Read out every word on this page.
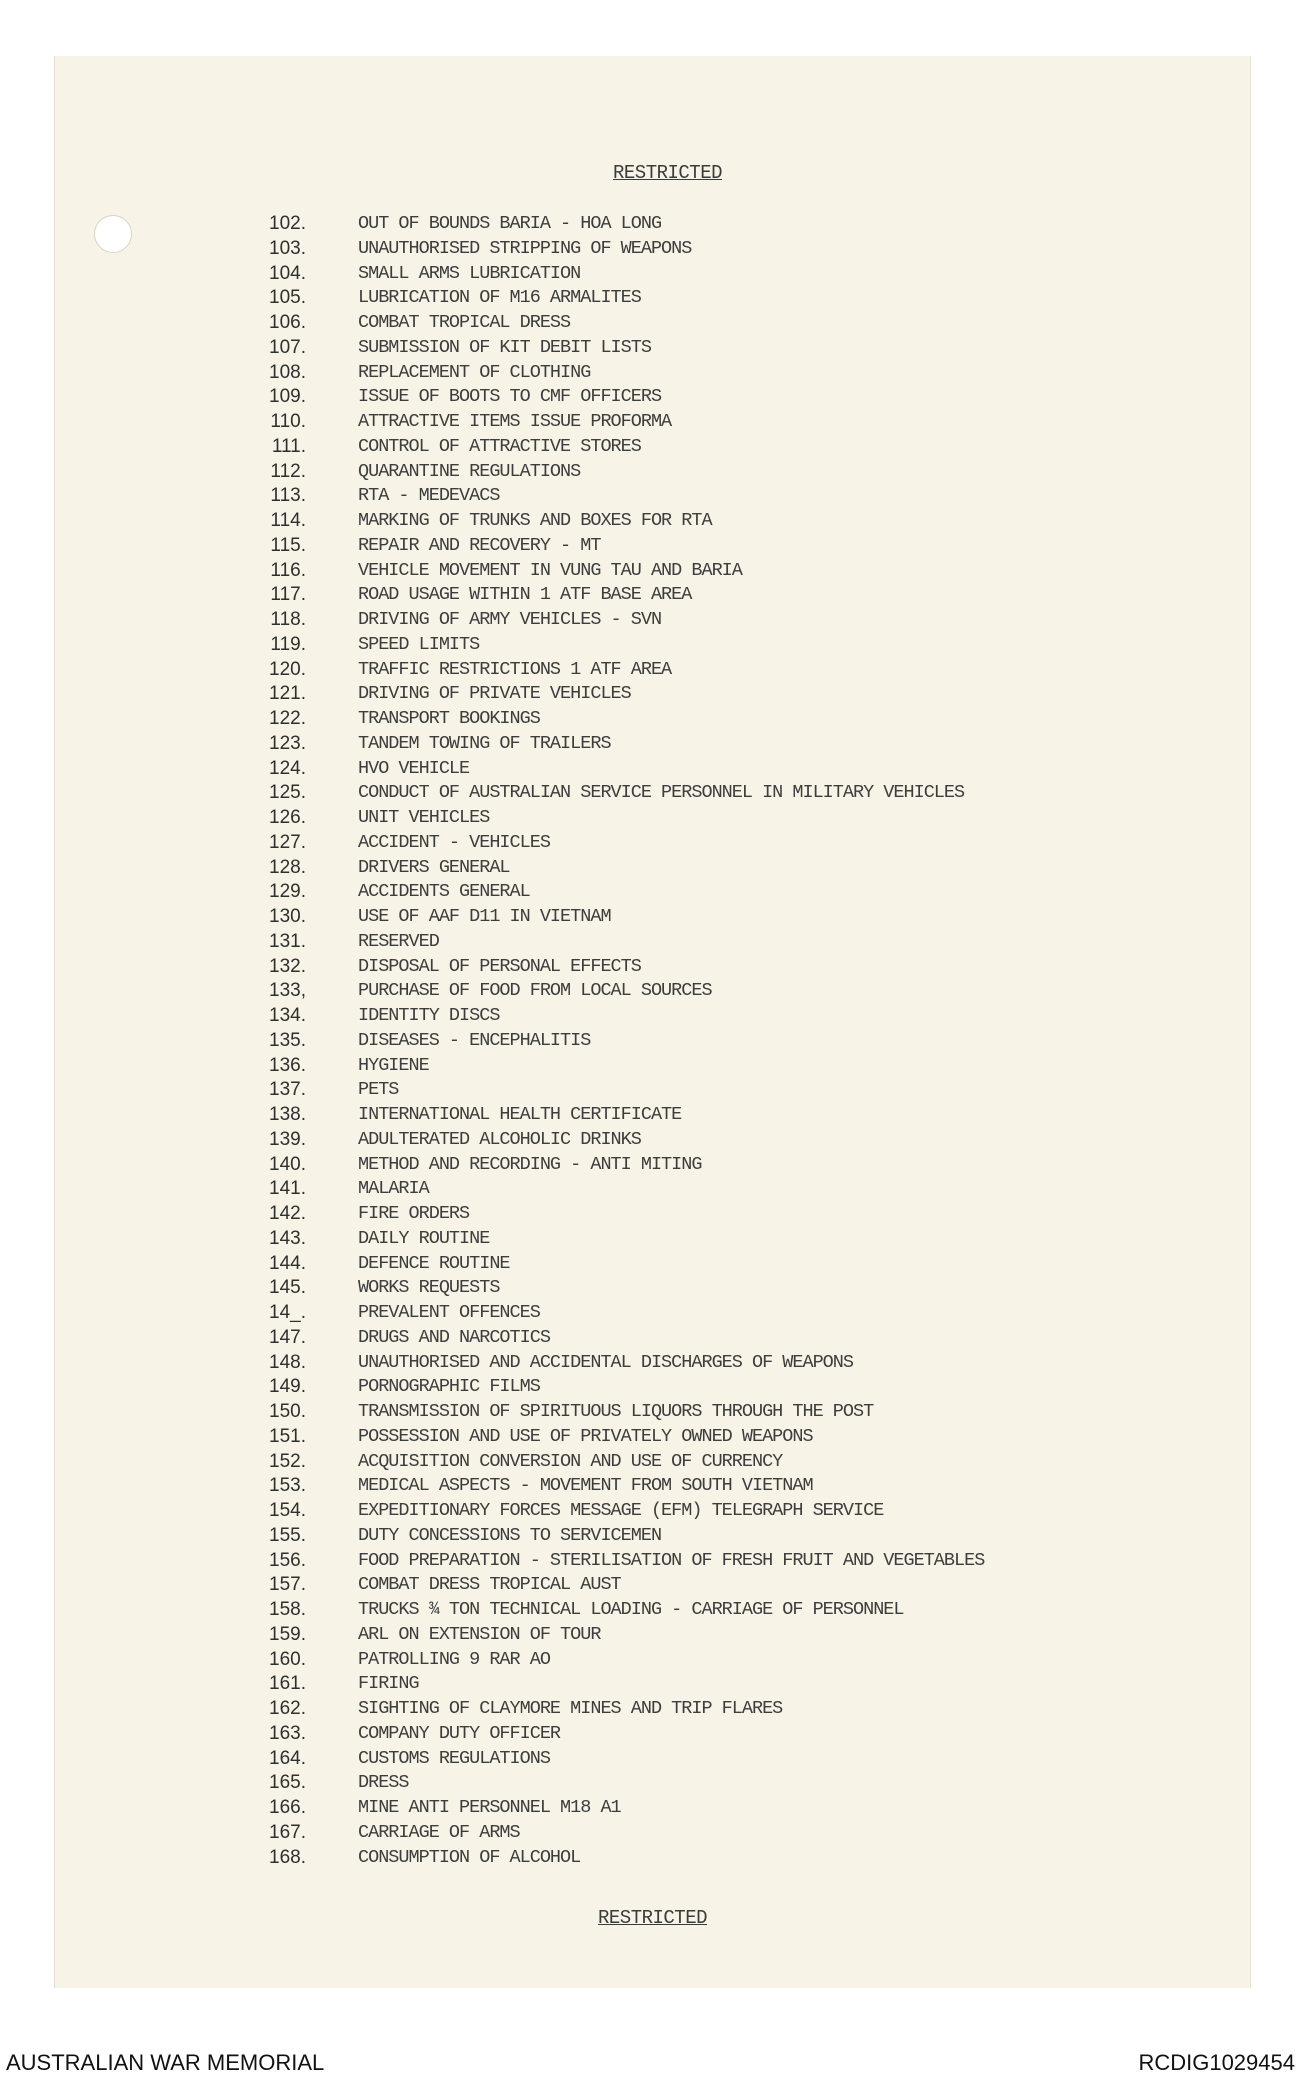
RESTRICTED
102.	OUT OF BOUNDS BARIA - HOA LONG
103.	UNAUTHORISED STRIPPING OF WEAPONS
104.	SMALL ARMS LUBRICATION
105.	LUBRICATION OF M16 ARMALITES
106.	COMBAT TROPICAL DRESS
107.	SUBMISSION OF KIT DEBIT LISTS
108.	REPLACEMENT OF CLOTHING
109.	ISSUE OF BOOTS TO CMF OFFICERS
110.	ATTRACTIVE ITEMS ISSUE PROFORMA
111.	CONTROL OF ATTRACTIVE STORES
112.	QUARANTINE REGULATIONS
113.	RTA - MEDEVACS
114.	MARKING OF TRUNKS AND BOXES FOR RTA
115.	REPAIR AND RECOVERY - MT
116.	VEHICLE MOVEMENT IN VUNG TAU AND BARIA
117.	ROAD USAGE WITHIN 1 ATF BASE AREA
118.	DRIVING OF ARMY VEHICLES - SVN
119.	SPEED LIMITS
120.	TRAFFIC RESTRICTIONS 1 ATF AREA
121.	DRIVING OF PRIVATE VEHICLES
122.	TRANSPORT BOOKINGS
123.	TANDEM TOWING OF TRAILERS
124.	HVO VEHICLE
125.	CONDUCT OF AUSTRALIAN SERVICE PERSONNEL IN MILITARY VEHICLES
126.	UNIT VEHICLES
127.	ACCIDENT - VEHICLES
128.	DRIVERS GENERAL
129.	ACCIDENTS GENERAL
130.	USE OF AAF D11 IN VIETNAM
131.	RESERVED
132.	DISPOSAL OF PERSONAL EFFECTS
133,	PURCHASE OF FOOD FROM LOCAL SOURCES
134.	IDENTITY DISCS
135.	DISEASES - ENCEPHALITIS
136.	HYGIENE
137.	PETS
138.	INTERNATIONAL HEALTH CERTIFICATE
139.	ADULTERATED ALCOHOLIC DRINKS
140.	METHOD AND RECORDING - ANTI MITING
141.	MALARIA
142.	FIRE ORDERS
143.	DAILY ROUTINE
144.	DEFENCE ROUTINE
145.	WORKS REQUESTS
14_.	PREVALENT OFFENCES
147.	DRUGS AND NARCOTICS
148.	UNAUTHORISED AND ACCIDENTAL DISCHARGES OF WEAPONS
149.	PORNOGRAPHIC FILMS
150.	TRANSMISSION OF SPIRITUOUS LIQUORS THROUGH THE POST
151.	POSSESSION AND USE OF PRIVATELY OWNED WEAPONS
152.	ACQUISITION CONVERSION AND USE OF CURRENCY
153.	MEDICAL ASPECTS - MOVEMENT FROM SOUTH VIETNAM
154.	EXPEDITIONARY FORCES MESSAGE (EFM) TELEGRAPH SERVICE
155.	DUTY CONCESSIONS TO SERVICEMEN
156.	FOOD PREPARATION - STERILISATION OF FRESH FRUIT AND VEGETABLES
157.	COMBAT DRESS TROPICAL AUST
158.	TRUCKS ¾ TON TECHNICAL LOADING - CARRIAGE OF PERSONNEL
159.	ARL ON EXTENSION OF TOUR
160.	PATROLLING 9 RAR AO
161.	FIRING
162.	SIGHTING OF CLAYMORE MINES AND TRIP FLARES
163.	COMPANY DUTY OFFICER
164.	CUSTOMS REGULATIONS
165.	DRESS
166.	MINE ANTI PERSONNEL M18 A1
167.	CARRIAGE OF ARMS
168.	CONSUMPTION OF ALCOHOL
RESTRICTED
AUSTRALIAN WAR MEMORIAL	RCDIG1029454
